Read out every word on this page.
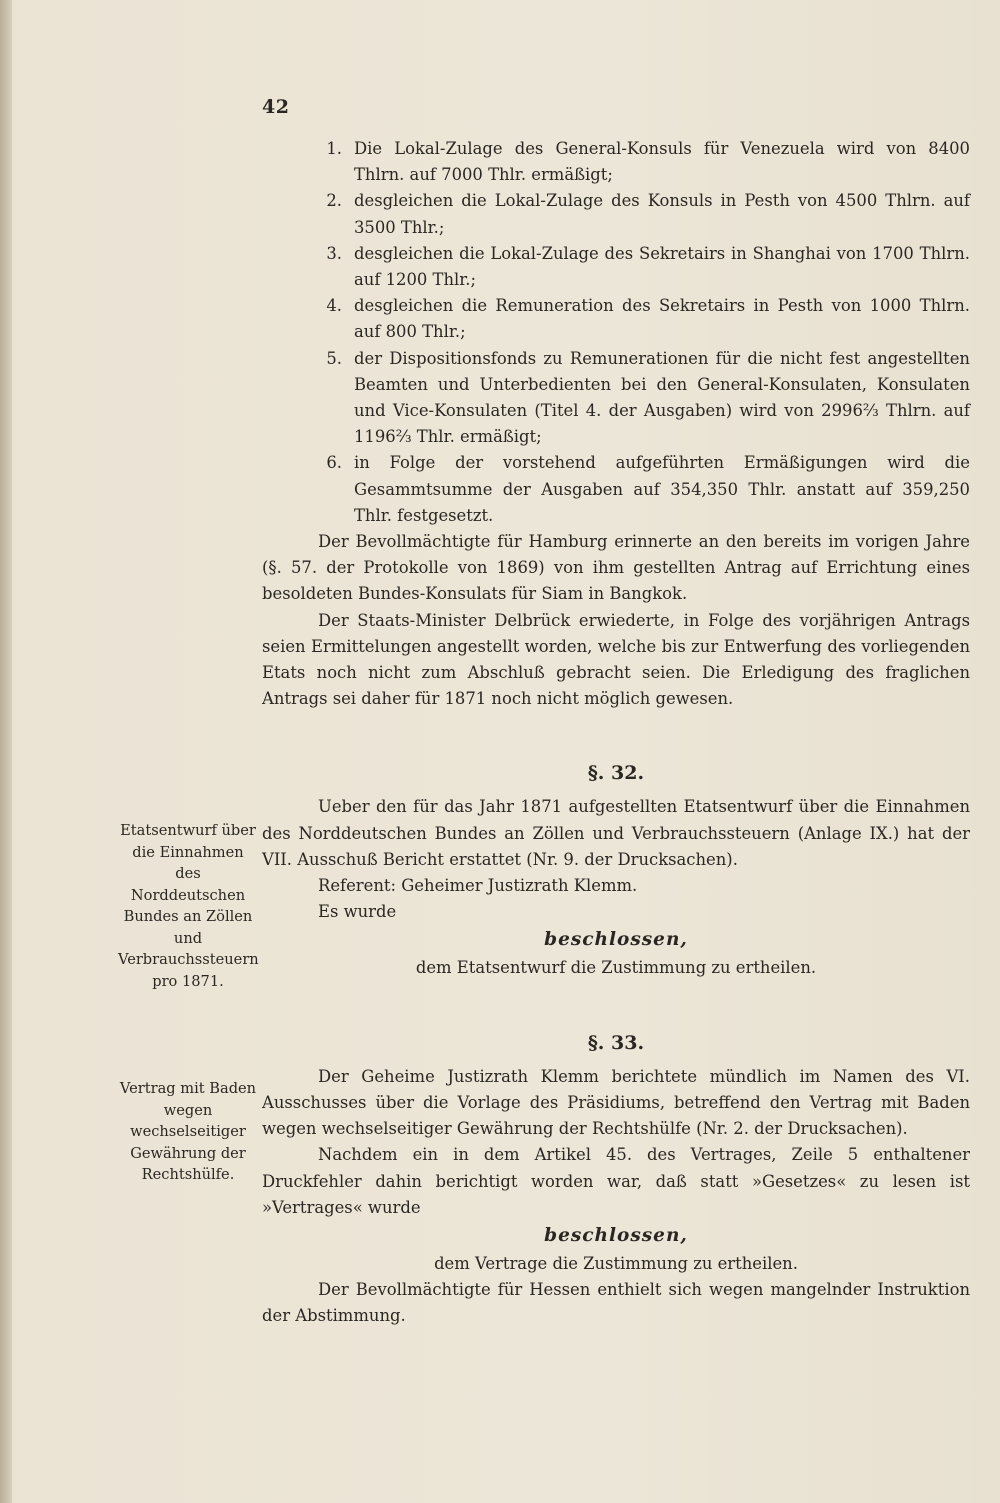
42
1. Die Lokal-Zulage des General-Konsuls für Venezuela wird von 8400 Thlrn. auf 7000 Thlr. ermäßigt;
2. desgleichen die Lokal-Zulage des Konsuls in Pesth von 4500 Thlrn. auf 3500 Thlr.;
3. desgleichen die Lokal-Zulage des Sekretairs in Shanghai von 1700 Thlrn. auf 1200 Thlr.;
4. desgleichen die Remuneration des Sekretairs in Pesth von 1000 Thlrn. auf 800 Thlr.;
5. der Dispositionsfonds zu Remunerationen für die nicht fest angestellten Beamten und Unterbedienten bei den General-Konsulaten, Konsulaten und Vice-Konsulaten (Titel 4. der Ausgaben) wird von 2996⅔ Thlrn. auf 1196⅔ Thlr. ermäßigt;
6. in Folge der vorstehend aufgeführten Ermäßigungen wird die Gesammtsumme der Ausgaben auf 354,350 Thlr. anstatt auf 359,250 Thlr. festgesetzt.

Der Bevollmächtigte für Hamburg erinnerte an den bereits im vorigen Jahre (§. 57. der Protokolle von 1869) von ihm gestellten Antrag auf Errichtung eines besoldeten Bundes-Konsulats für Siam in Bangkok.

Der Staats-Minister Delbrück erwiederte, in Folge des vorjährigen Antrags seien Ermittelungen angestellt worden, welche bis zur Entwerfung des vorliegenden Etats noch nicht zum Abschluß gebracht seien. Die Erledigung des fraglichen Antrags sei daher für 1871 noch nicht möglich gewesen.

§. 32.

Ueber den für das Jahr 1871 aufgestellten Etatsentwurf über die Einnahmen des Norddeutschen Bundes an Zöllen und Verbrauchssteuern (Anlage IX.) hat der VII. Ausschuß Bericht erstattet (Nr. 9. der Drucksachen).

Referent: Geheimer Justizrath Klemm.

Es wurde

beschlossen,

dem Etatsentwurf die Zustimmung zu ertheilen.

§. 33.

Der Geheime Justizrath Klemm berichtete mündlich im Namen des VI. Ausschusses über die Vorlage des Präsidiums, betreffend den Vertrag mit Baden wegen wechselseitiger Gewährung der Rechtshülfe (Nr. 2. der Drucksachen).

Nachdem ein in dem Artikel 45. des Vertrages, Zeile 5 enthaltener Druckfehler dahin berichtigt worden war, daß statt »Gesetzes« zu lesen ist »Vertrages« wurde

beschlossen,

dem Vertrage die Zustimmung zu ertheilen.

Der Bevollmächtigte für Hessen enthielt sich wegen mangelnder Instruktion der Abstimmung.

Etatsentwurf über die Einnahmen des Norddeutschen Bundes an Zöllen und Verbrauchssteuern pro 1871.
Vertrag mit Baden wegen wechselseitiger Gewährung der Rechtshülfe.
